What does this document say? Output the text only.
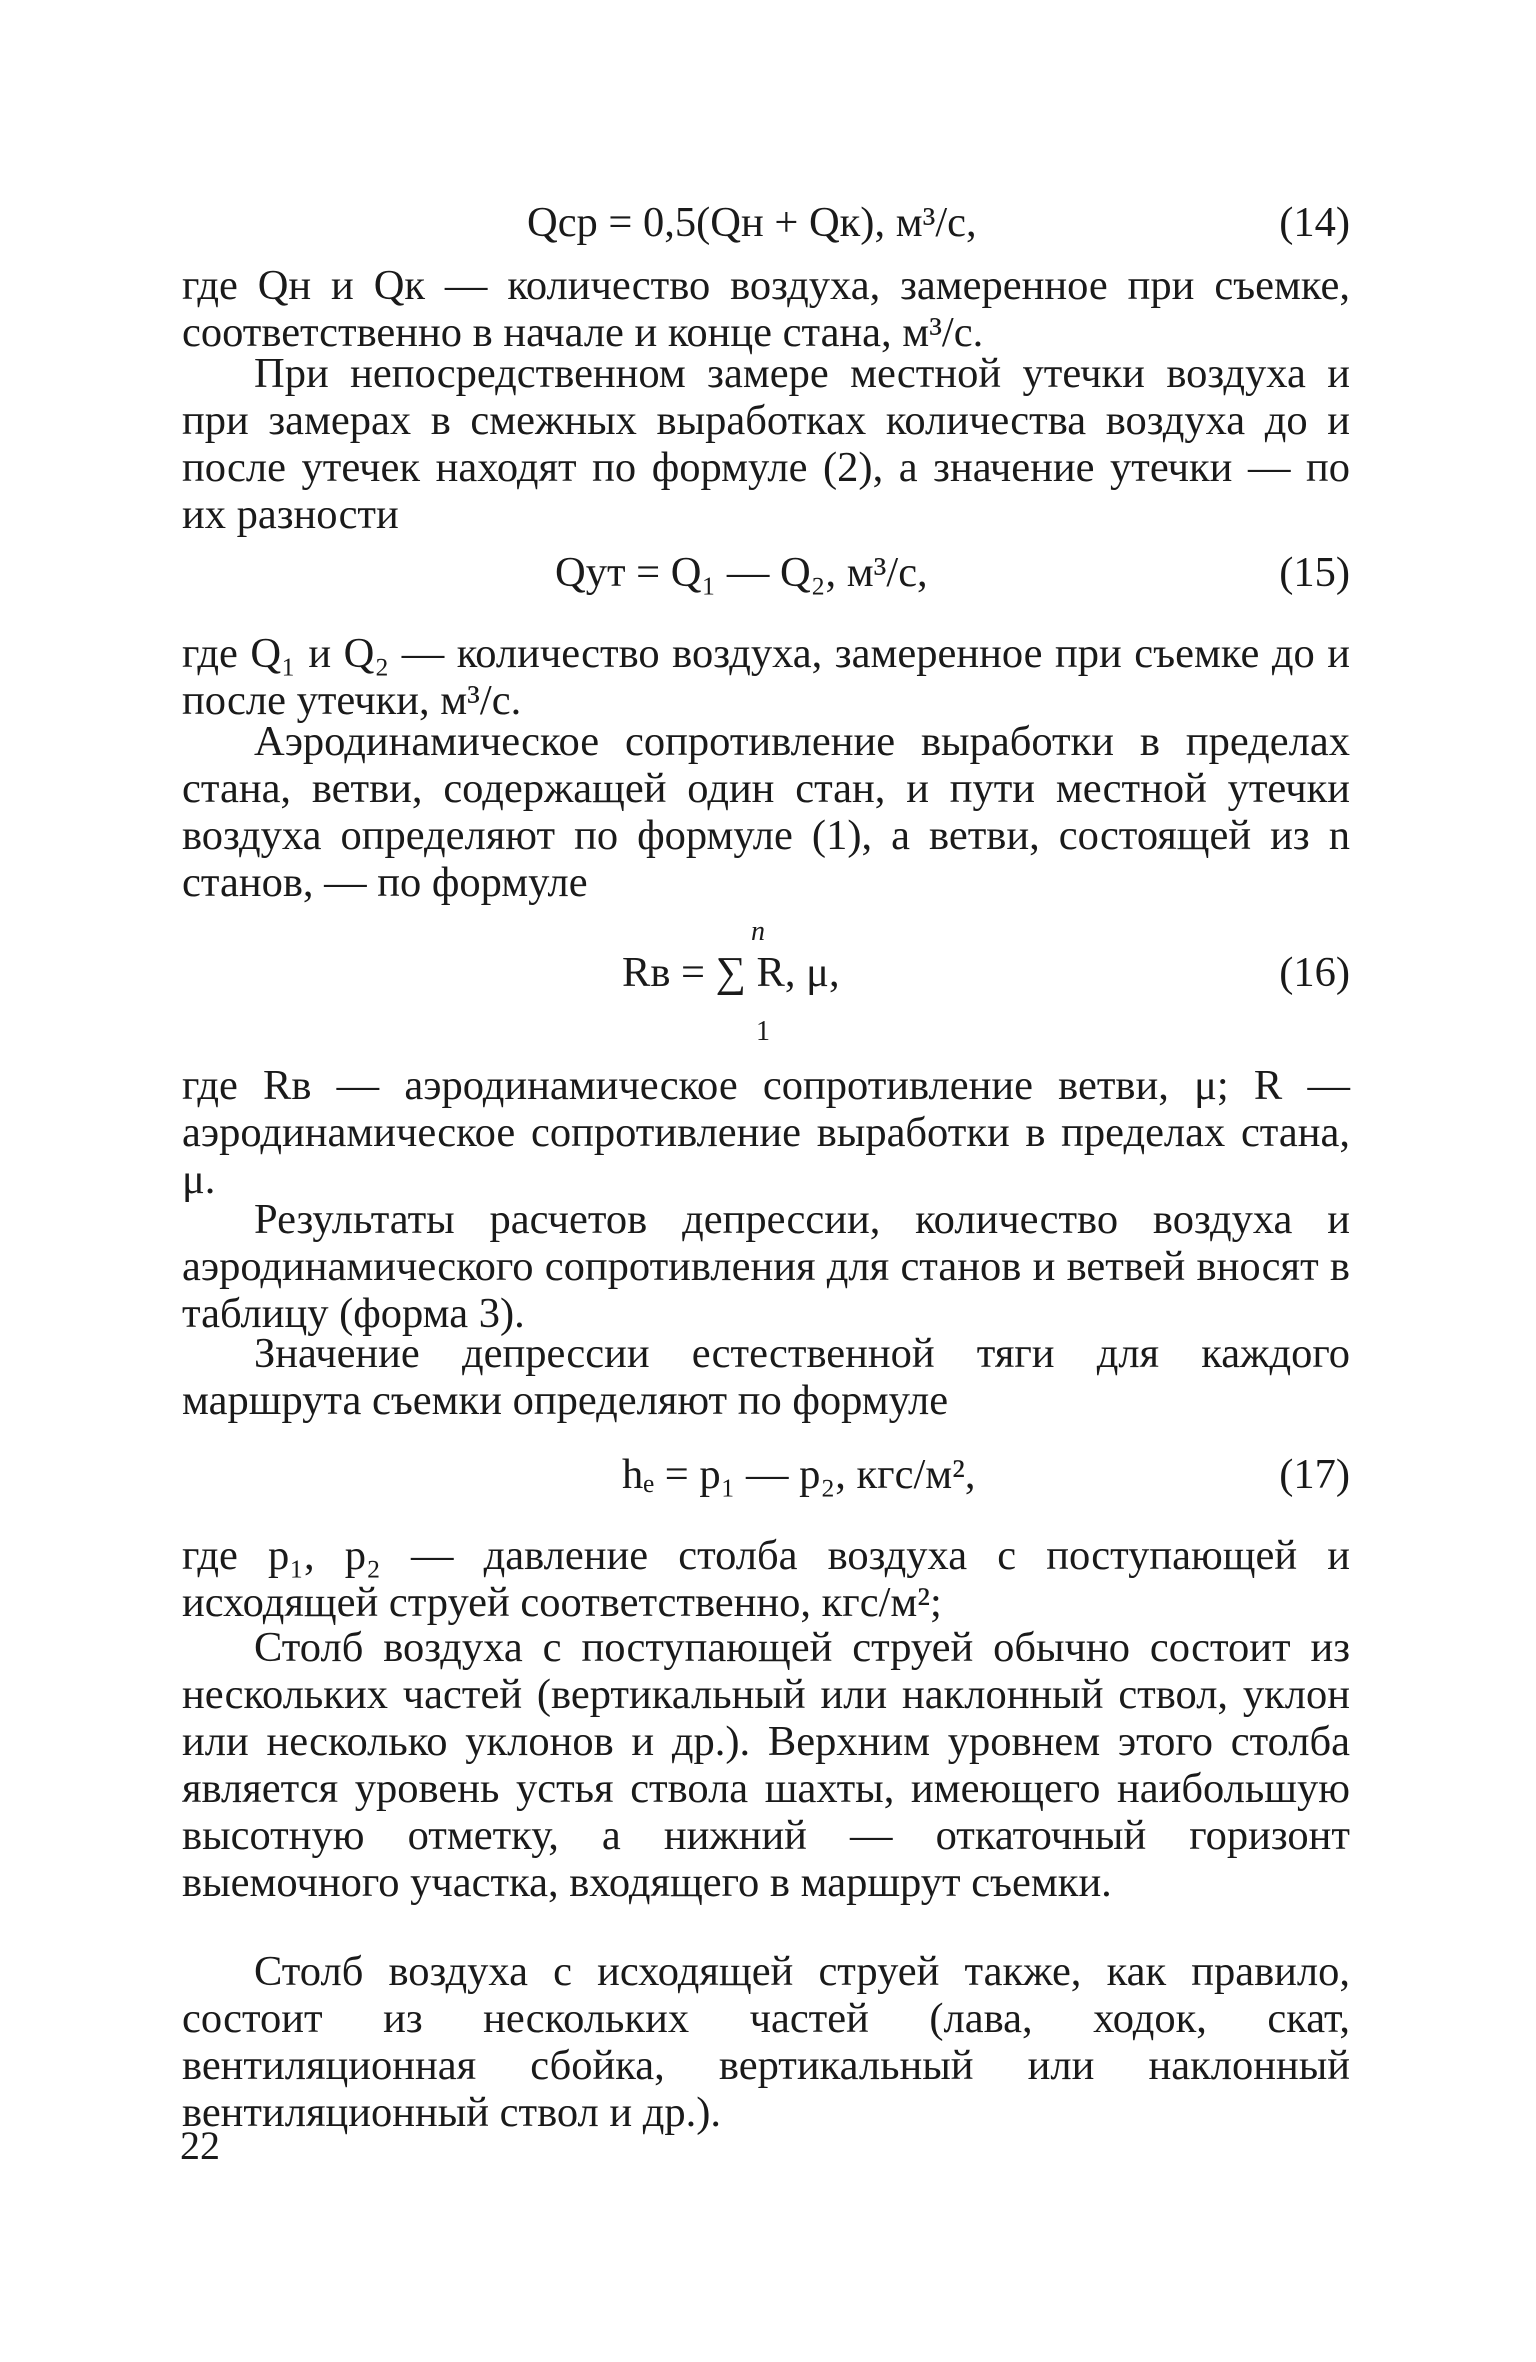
Qср = 0,5(Qн + Qк), м³/с,	(14)

где Qн и Qк — количество воздуха, замеренное при съемке, соответственно в начале и конце стана, м³/с.

При непосредственном замере местной утечки воздуха и при замерах в смежных выработках количества воздуха до и после утечек находят по формуле (2), а значение утечки — по их разности

Qут = Q₁ — Q₂, м³/с,	(15)

где Q₁ и Q₂ — количество воздуха, замеренное при съемке до и после утечки, м³/с.

Аэродинамическое сопротивление выработки в пределах стана, ветви, содержащей один стан, и пути местной утечки воздуха определяют по формуле (1), а ветви, состоящей из n станов, — по формуле

Rв = ∑ R, μ,	(16)
n
1

где Rв — аэродинамическое сопротивление ветви, μ; R — аэродинамическое сопротивление выработки в пределах стана, μ.

Результаты расчетов депрессии, количество воздуха и аэродинамического сопротивления для станов и ветвей вносят в таблицу (форма 3).

Значение депрессии естественной тяги для каждого маршрута съемки определяют по формуле

hₑ = p₁ — p₂, кгс/м²,	(17)

где p₁, p₂ — давление столба воздуха с поступающей и исходящей струей соответственно, кгс/м²;

Столб воздуха с поступающей струей обычно состоит из нескольких частей (вертикальный или наклонный ствол, уклон или несколько уклонов и др.). Верхним уровнем этого столба является уровень устья ствола шахты, имеющего наибольшую высотную отметку, а нижний — откаточный горизонт выемочного участка, входящего в маршрут съемки.

Столб воздуха с исходящей струей также, как правило, состоит из нескольких частей (лава, ходок, скат, вентиляционная сбойка, вертикальный или наклонный вентиляционный ствол и др.).

22
